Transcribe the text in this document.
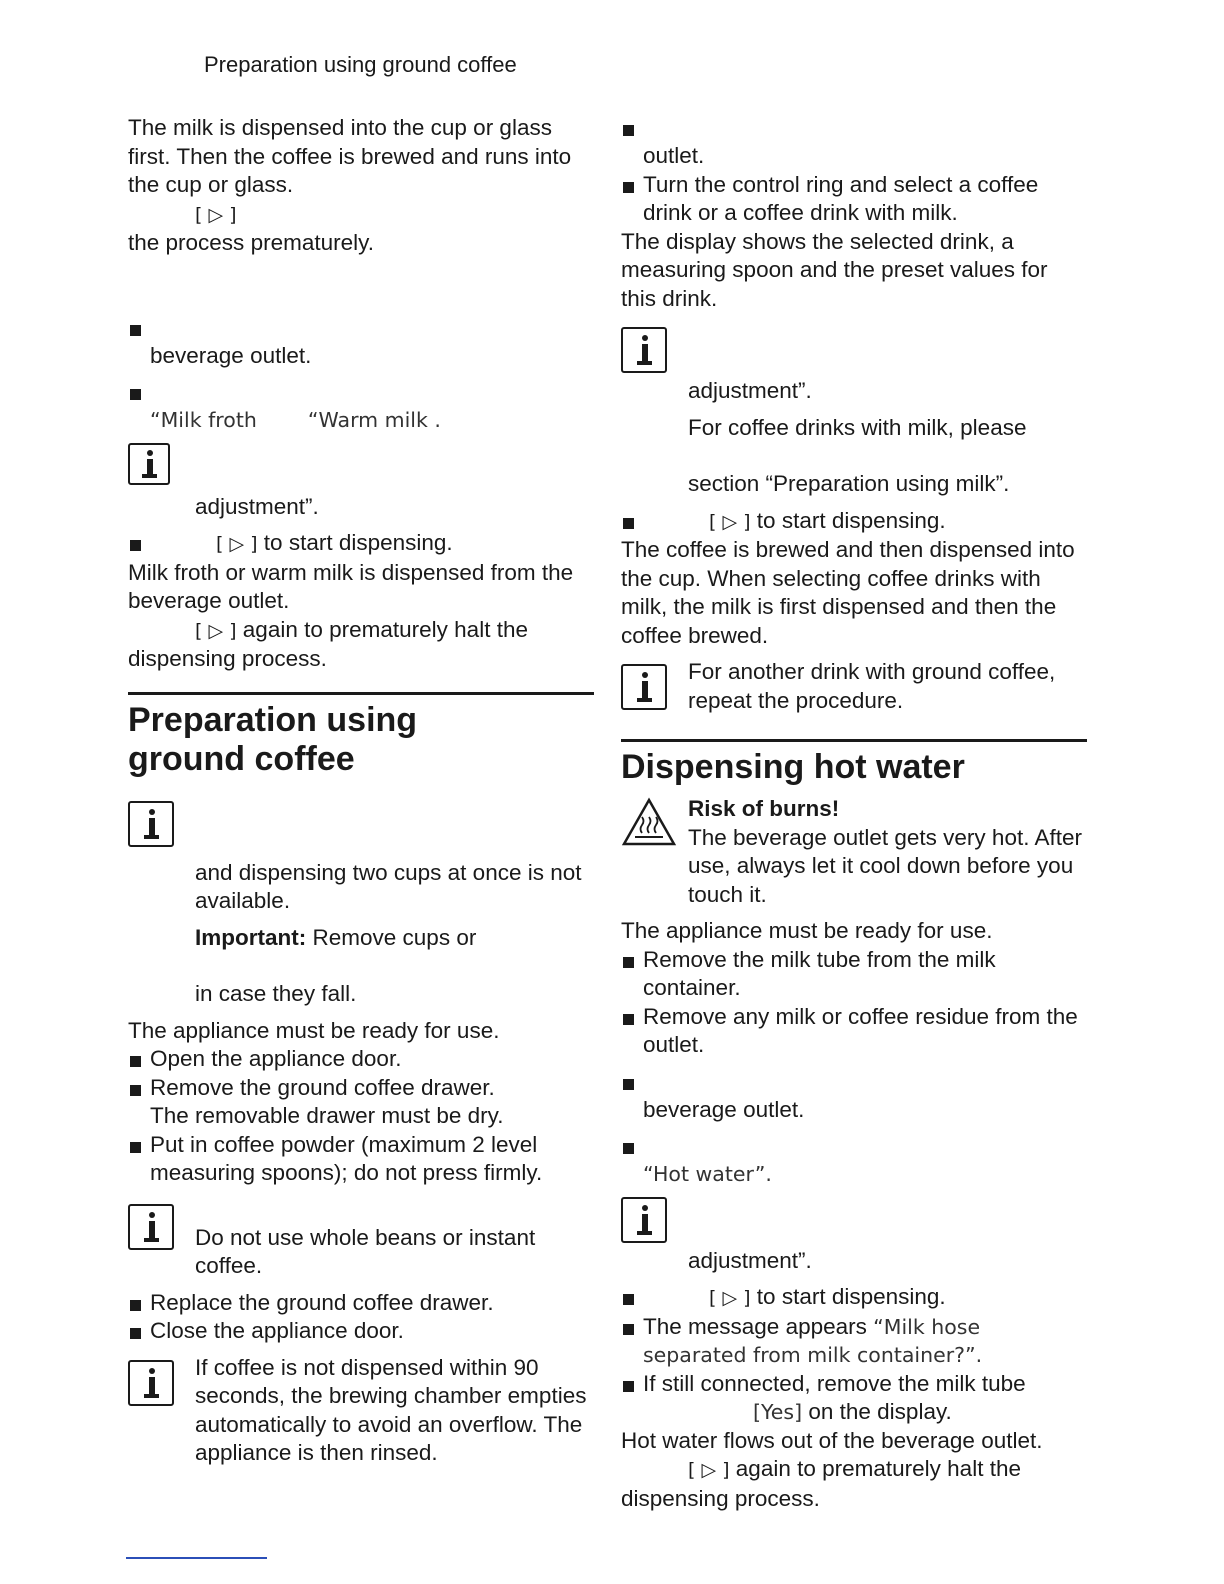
Preparation using ground coffee

The milk is dispensed into the cup or glass first. Then the coffee is brewed and runs into the cup or glass.

[ ▷ ]

the process prematurely.

beverage outlet.

“Milk froth “Warm milk .

adjustment”.

[ ▷ ] to start dispensing.

Milk froth or warm milk is dispensed from the beverage outlet.

[ ▷ ] again to prematurely halt the

dispensing process.

Preparation using ground coffee

and dispensing two cups at once is not available.

Important: Remove cups or

in case they fall.

The appliance must be ready for use.

Open the appliance door.
Remove the ground coffee drawer.

The removable drawer must be dry.

Put in coffee powder (maximum 2 level measuring spoons); do not press firmly.

Do not use whole beans or instant coffee.

Replace the ground coffee drawer.
Close the appliance door.

If coffee is not dispensed within 90 seconds, the brewing chamber empties automatically to avoid an overflow. The appliance is then rinsed.

outlet.

Turn the control ring and select a coffee drink or a coffee drink with milk.

The display shows the selected drink, a measuring spoon and the preset values for this drink.

adjustment”.

For coffee drinks with milk, please

section “Preparation using milk”.

[ ▷ ] to start dispensing.

The coffee is brewed and then dispensed into the cup. When selecting coffee drinks with milk, the milk is first dispensed and then the coffee brewed.

For another drink with ground coffee, repeat the procedure.

Dispensing hot water

Risk of burns!

The beverage outlet gets very hot. After use, always let it cool down before you touch it.

The appliance must be ready for use.

Remove the milk tube from the milk container.
Remove any milk or coffee residue from the outlet.

beverage outlet.

“Hot water”.

adjustment”.

[ ▷ ] to start dispensing.
The message appears “Milk hose separated from milk container?”.
If still connected, remove the milk tube
[Yes] on the display.

Hot water flows out of the beverage outlet.

[ ▷ ] again to prematurely halt the

dispensing process.
